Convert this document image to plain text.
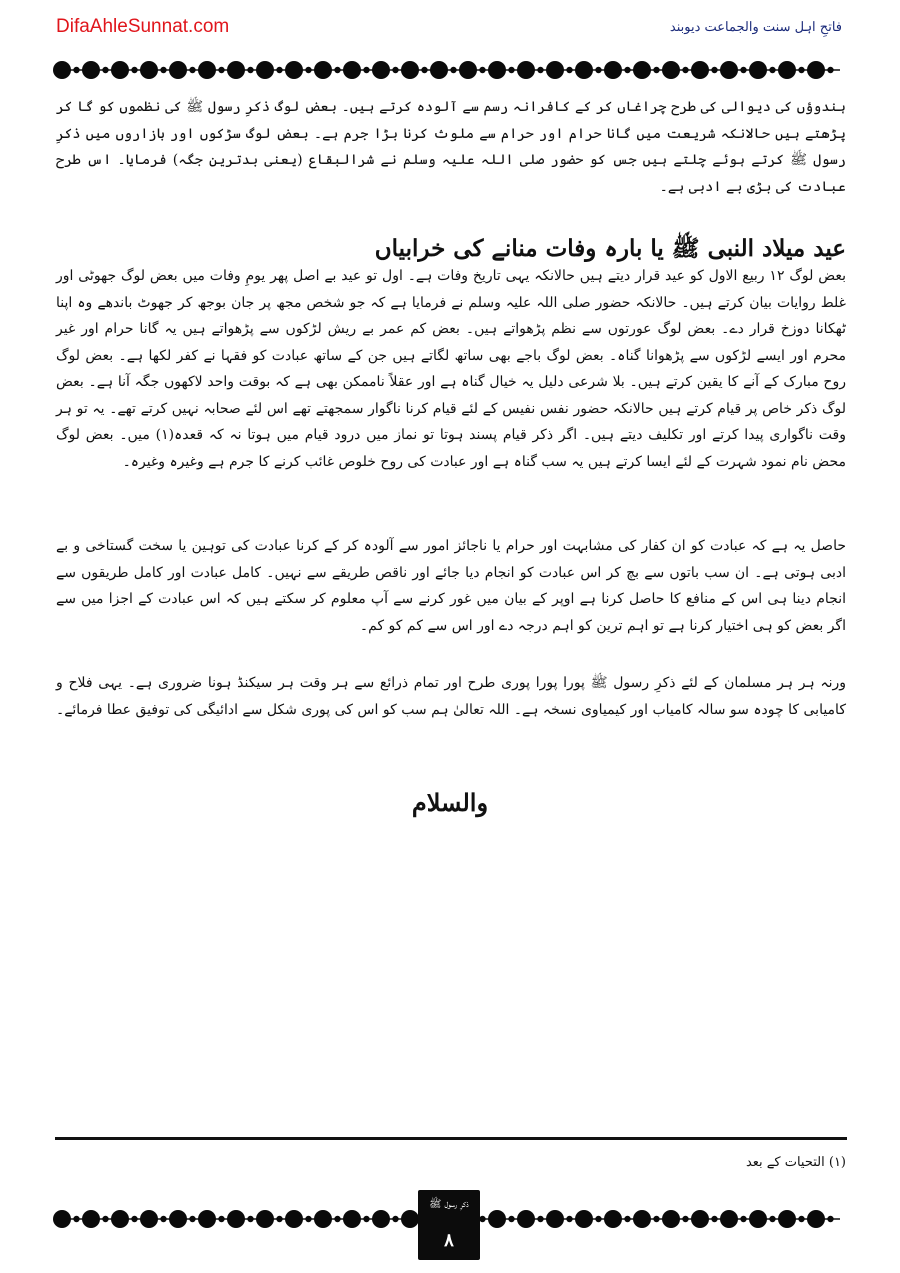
DifaAhleSunnat.com	فاتحِ اہل سنت والجماعت دیوبند
ہندوؤں کی دیوالی کی طرح چراغاں کر کے کافرانہ رسم سے آلودہ کرتے ہیں۔ بعض لوگ ذکرِ رسول ﷺ کی نظموں کو گا کر پڑھتے ہیں حالانکہ شریعت میں گانا حرام اور حرام سے ملوث کرنا بڑا جرم ہے۔ بعض لوگ سڑکوں اور بازاروں میں ذکرِ رسول ﷺ کرتے ہوئے چلتے ہیں جس کو حضور صلی اللہ علیہ وسلم نے شرالبقاع (یعنی بدترین جگہ) فرمایا۔ اس طرح عبادت کی بڑی بے ادبی ہے۔
عید میلاد النبی ﷺ یا بارہ وفات منانے کی خرابیاں
بعض لوگ ۱۲ ربیع الاول کو عید قرار دیتے ہیں حالانکہ یہی تاریخ وفات ہے۔ اول تو عید بے اصل پھر یومِ وفات میں بعض لوگ جھوٹی اور غلط روایات بیان کرتے ہیں۔ حالانکہ حضور صلی اللہ علیہ وسلم نے فرمایا ہے کہ جو شخص مجھ پر جان بوجھ کر جھوٹ باندھے وہ اپنا ٹھکانا دوزخ قرار دے۔ بعض لوگ عورتوں سے نظم پڑھواتے ہیں۔ بعض کم عمر بے ریش لڑکوں سے پڑھواتے ہیں یہ گانا حرام اور غیر محرم اور ایسے لڑکوں سے پڑھوانا گناہ۔ بعض لوگ باجے بھی ساتھ لگاتے ہیں جن کے ساتھ عبادت کو فقہا نے کفر لکھا ہے۔ بعض لوگ روح مبارک کے آنے کا یقین کرتے ہیں۔ بلا شرعی دلیل یہ خیال گناہ ہے اور عقلاً ناممکن بھی ہے کہ بوقت واحد لاکھوں جگہ آنا ہے۔ بعض لوگ ذکر خاص پر قیام کرتے ہیں حالانکہ حضور نفس نفیس کے لئے قیام کرنا ناگوار سمجھتے تھے اس لئے صحابہ نہیں کرتے تھے۔ یہ تو ہر وقت ناگواری پیدا کرتے اور تکلیف دیتے ہیں۔ اگر ذکر قیام پسند ہوتا تو نماز میں درود قیام میں ہوتا نہ کہ قعدہ(۱) میں۔ بعض لوگ محض نام نمود شہرت کے لئے ایسا کرتے ہیں یہ سب گناہ ہے اور عبادت کی روح خلوص غائب کرنے کا جرم ہے وغیرہ وغیرہ۔
حاصل یہ ہے کہ عبادت کو ان کفار کی مشابہت اور حرام یا ناجائز امور سے آلودہ کر کے کرنا عبادت کی توہین یا سخت گستاخی و بے ادبی ہوتی ہے۔ ان سب باتوں سے بچ کر اس عبادت کو انجام دیا جائے اور ناقص طریقے سے نہیں۔ کامل عبادت اور کامل طریقوں سے انجام دینا ہی اس کے منافع کا حاصل کرنا ہے اوپر کے بیان میں غور کرنے سے آپ معلوم کر سکتے ہیں کہ اس عبادت کے اجزا میں سے اگر بعض کو ہی اختیار کرنا ہے تو اہم ترین کو اہم درجہ دے اور اس سے کم کو کم۔
ورنہ ہر ہر مسلمان کے لئے ذکرِ رسول ﷺ پورا پورا پوری طرح اور تمام ذرائع سے ہر وقت ہر سیکنڈ ہونا ضروری ہے۔ یہی فلاح و کامیابی کا چودہ سو سالہ کامیاب اور کیمیاوی نسخہ ہے۔ اللہ تعالیٰ ہم سب کو اس کی پوری شکل سے ادائیگی کی توفیق عطا فرمائے۔
والسلام
(۱) التحیات کے بعد
ذکرِ رسول ﷺ
۸
